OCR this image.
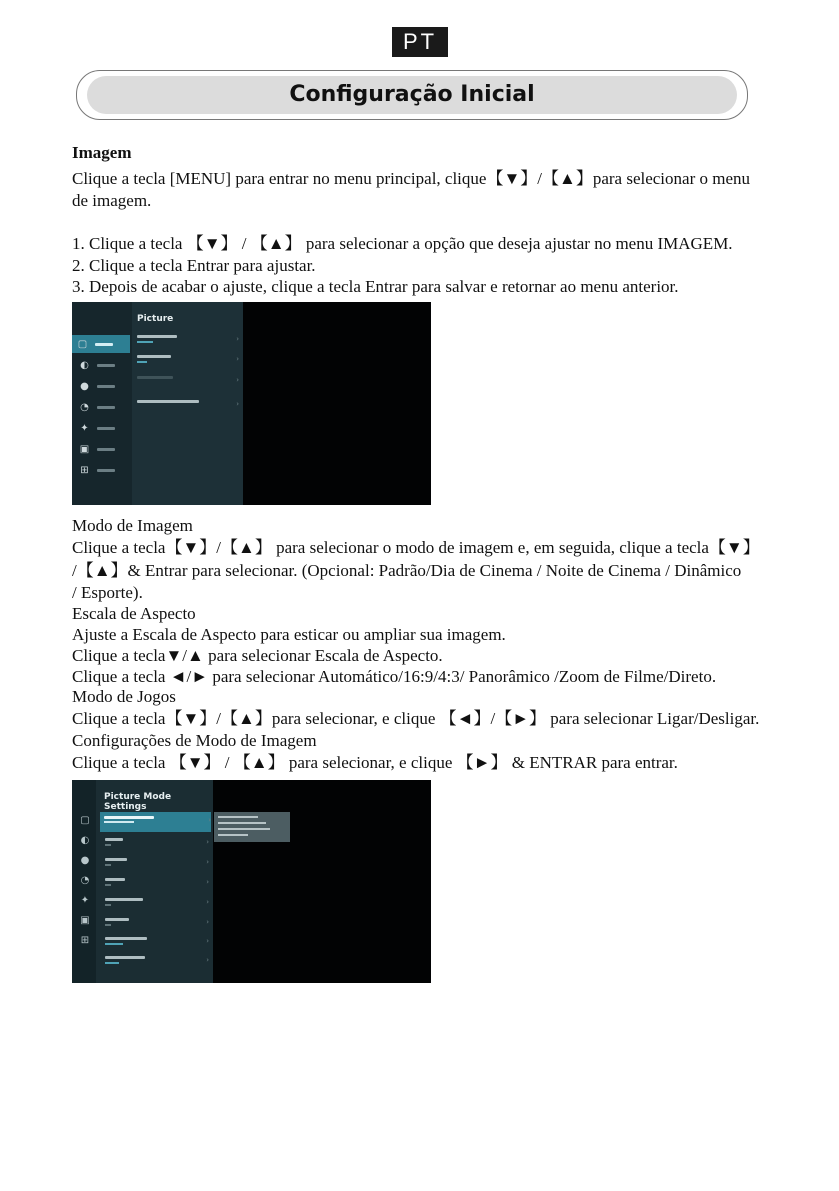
PT
Configuração Inicial
Imagem
Clique a tecla [MENU] para entrar no menu principal, clique【▼】/【▲】para selecionar o menu
de imagem.
1. Clique a tecla 【▼】 / 【▲】 para selecionar a opção que deseja ajustar no menu IMAGEM.
2. Clique a tecla Entrar para ajustar.
3. Depois de acabar o ajuste, clique a tecla Entrar para salvar e retornar ao menu anterior.
▢
◐
●
◔
✦
▣
⊞
Picture
›
›
›
›
Modo de Imagem
Clique a tecla【▼】/【▲】 para selecionar o modo de imagem e, em seguida, clique a tecla【▼】
/【▲】& Entrar para selecionar. (Opcional: Padrão/Dia de Cinema / Noite de Cinema / Dinâmico
/ Esporte).
Escala de Aspecto
Ajuste a Escala de Aspecto para esticar ou ampliar sua imagem.
Clique a tecla▼/▲ para selecionar Escala de Aspecto.
Clique a tecla ◄/► para selecionar Automático/16:9/4:3/ Panorâmico /Zoom de Filme/Direto.
Modo de Jogos
Clique a tecla【▼】/【▲】para selecionar, e clique 【◄】/【►】 para selecionar Ligar/Desligar.
Configurações de Modo de Imagem
Clique a tecla 【▼】 / 【▲】 para selecionar, e clique 【►】 & ENTRAR para entrar.
▢
◐
●
◔
✦
▣
⊞
Picture Mode Settings
›
›
›
›
›
›
›
›
